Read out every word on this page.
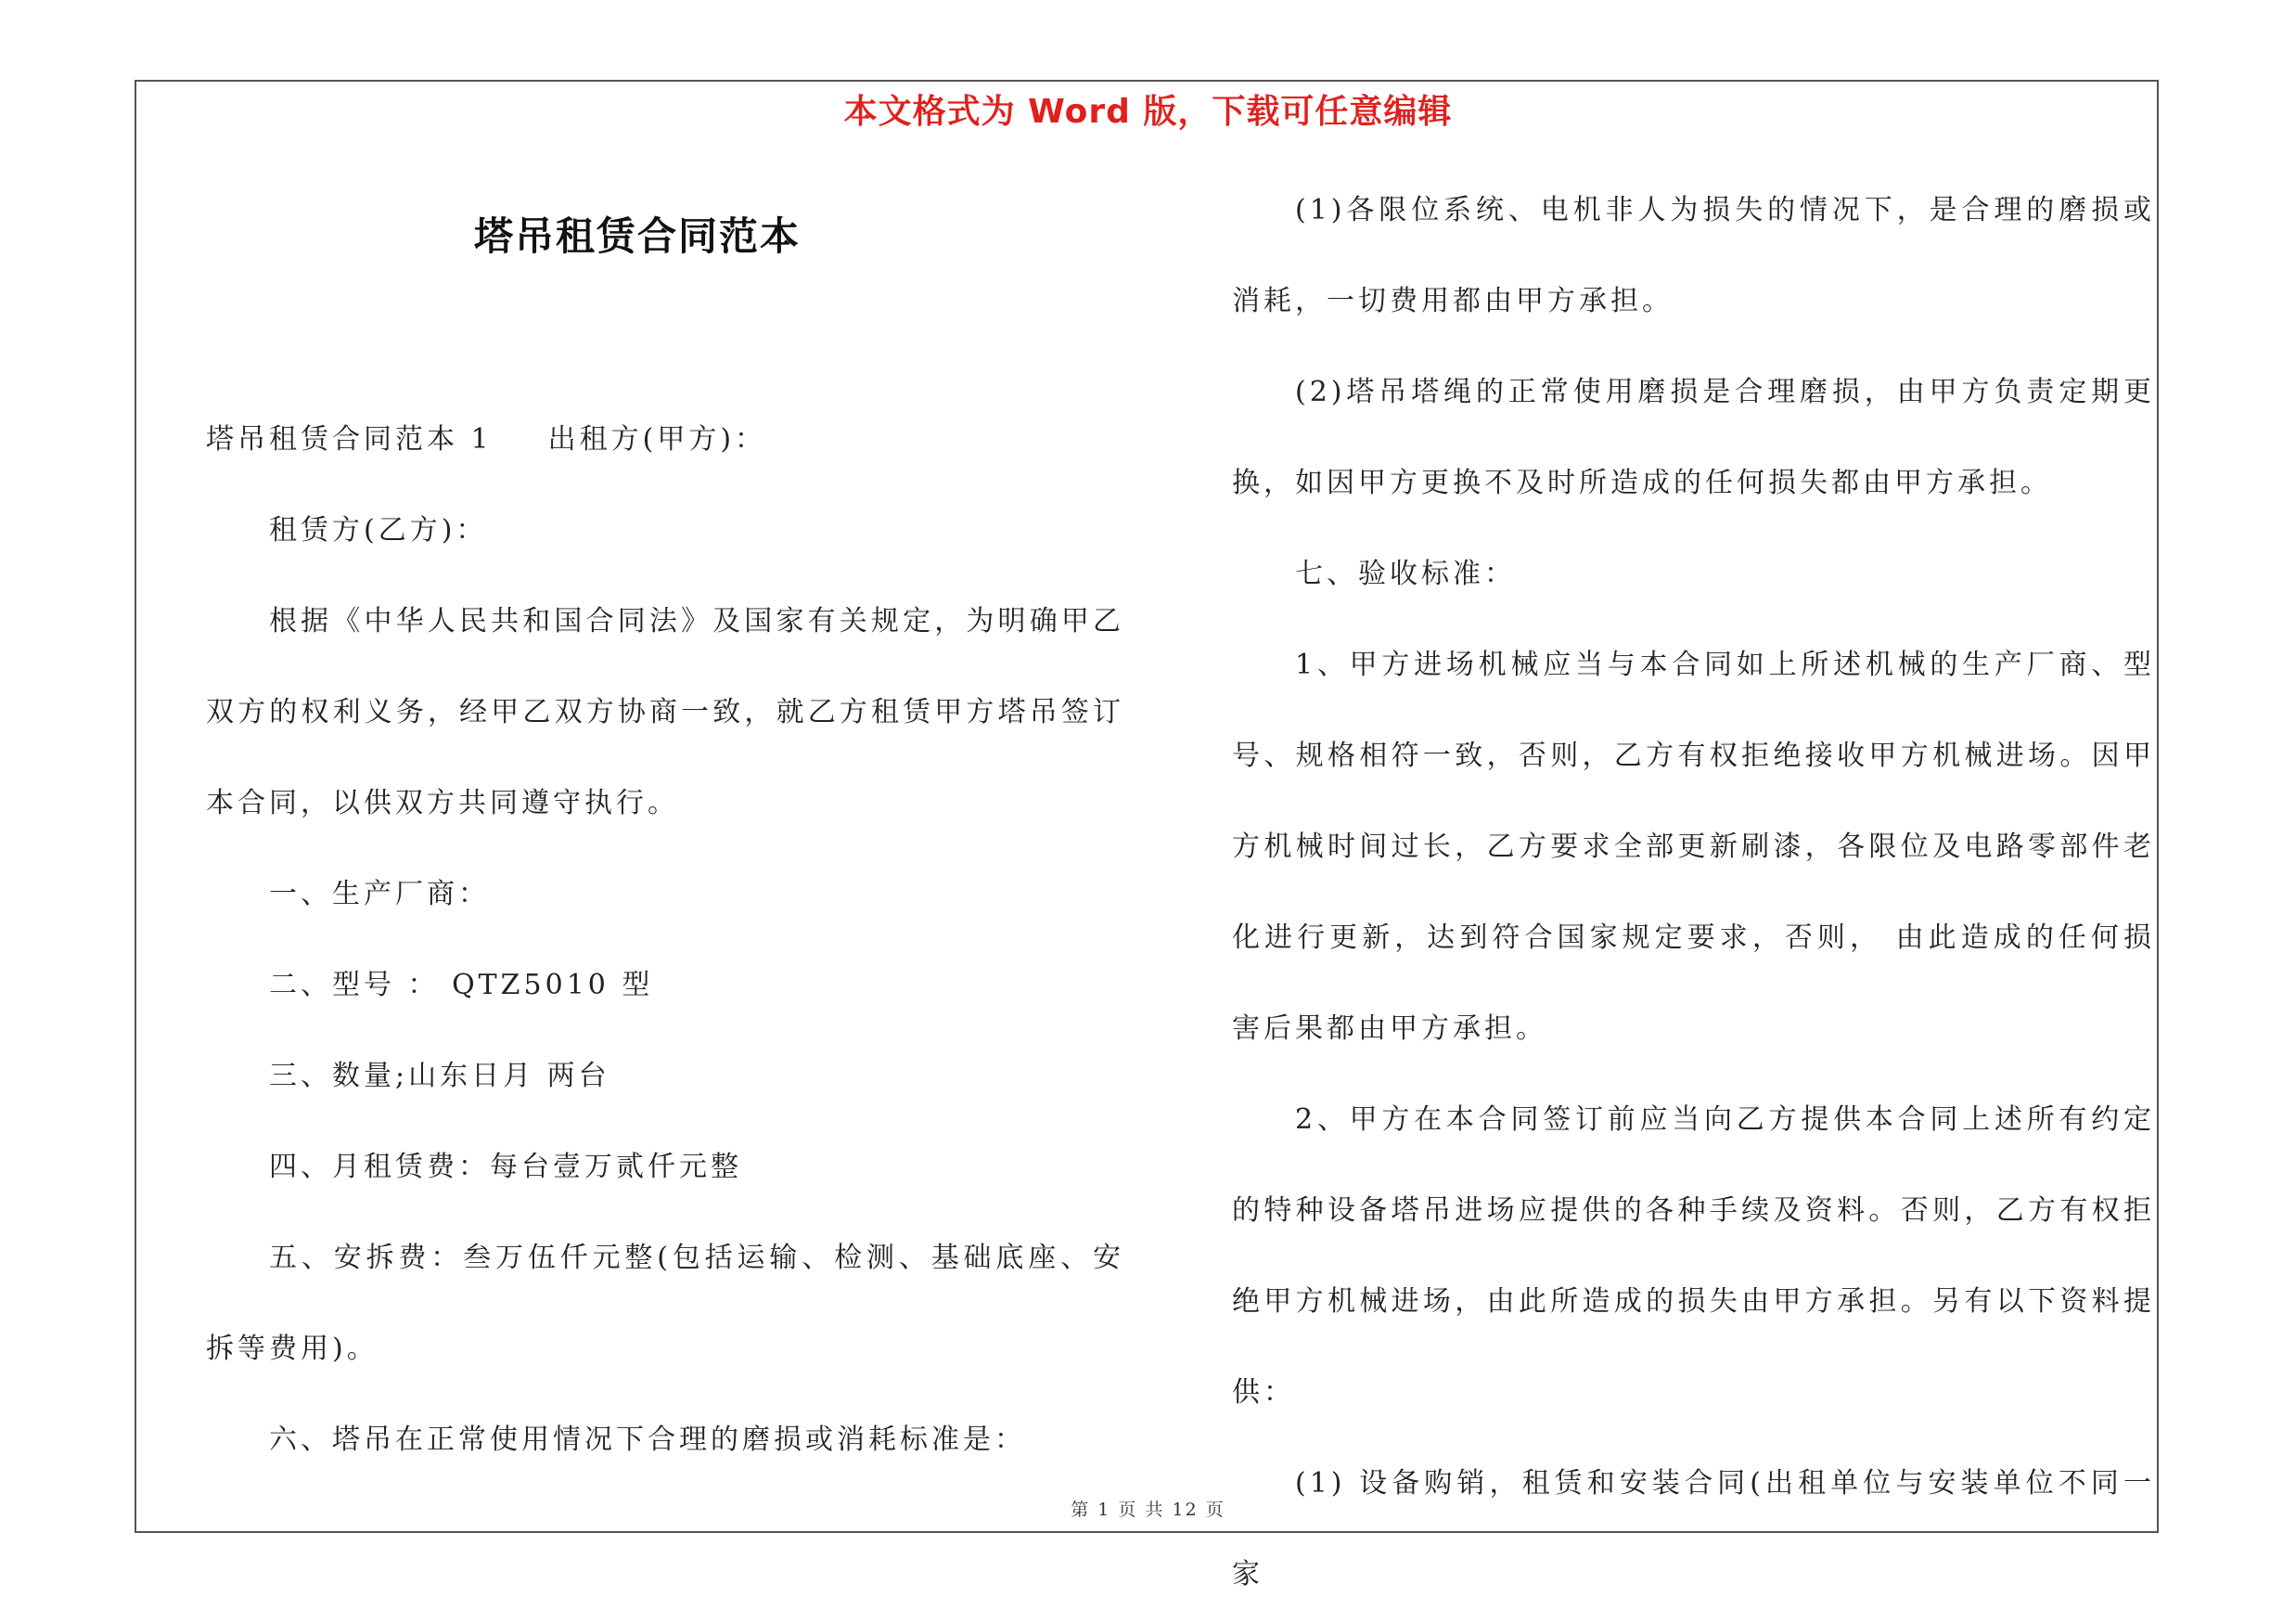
本文格式为 Word 版，下载可任意编辑
塔吊租赁合同范本

塔吊租赁合同范本 1 出租方(甲方)：

租赁方(乙方)：

根据《中华人民共和国合同法》及国家有关规定，为明确甲乙双方的权利义务，经甲乙双方协商一致，就乙方租赁甲方塔吊签订本合同，以供双方共同遵守执行。

一、生产厂商：

二、型号 ： QTZ5010 型

三、数量;山东日月 两台

四、月租赁费：每台壹万贰仟元整

五、安拆费：叁万伍仟元整(包括运输、检测、基础底座、安拆等费用)。

六、塔吊在正常使用情况下合理的磨损或消耗标准是：

(1)各限位系统、电机非人为损失的情况下，是合理的磨损或消耗，一切费用都由甲方承担。

(2)塔吊塔绳的正常使用磨损是合理磨损，由甲方负责定期更换，如因甲方更换不及时所造成的任何损失都由甲方承担。

七、验收标准：

1、甲方进场机械应当与本合同如上所述机械的生产厂商、型号、规格相符一致，否则，乙方有权拒绝接收甲方机械进场。因甲方机械时间过长，乙方要求全部更新刷漆，各限位及电路零部件老化进行更新，达到符合国家规定要求，否则， 由此造成的任何损害后果都由甲方承担。

2、甲方在本合同签订前应当向乙方提供本合同上述所有约定的特种设备塔吊进场应提供的各种手续及资料。否则，乙方有权拒绝甲方机械进场，由此所造成的损失由甲方承担。另有以下资料提供：

(1) 设备购销，租赁和安装合同(出租单位与安装单位不同一家

第 1 页 共 12 页
